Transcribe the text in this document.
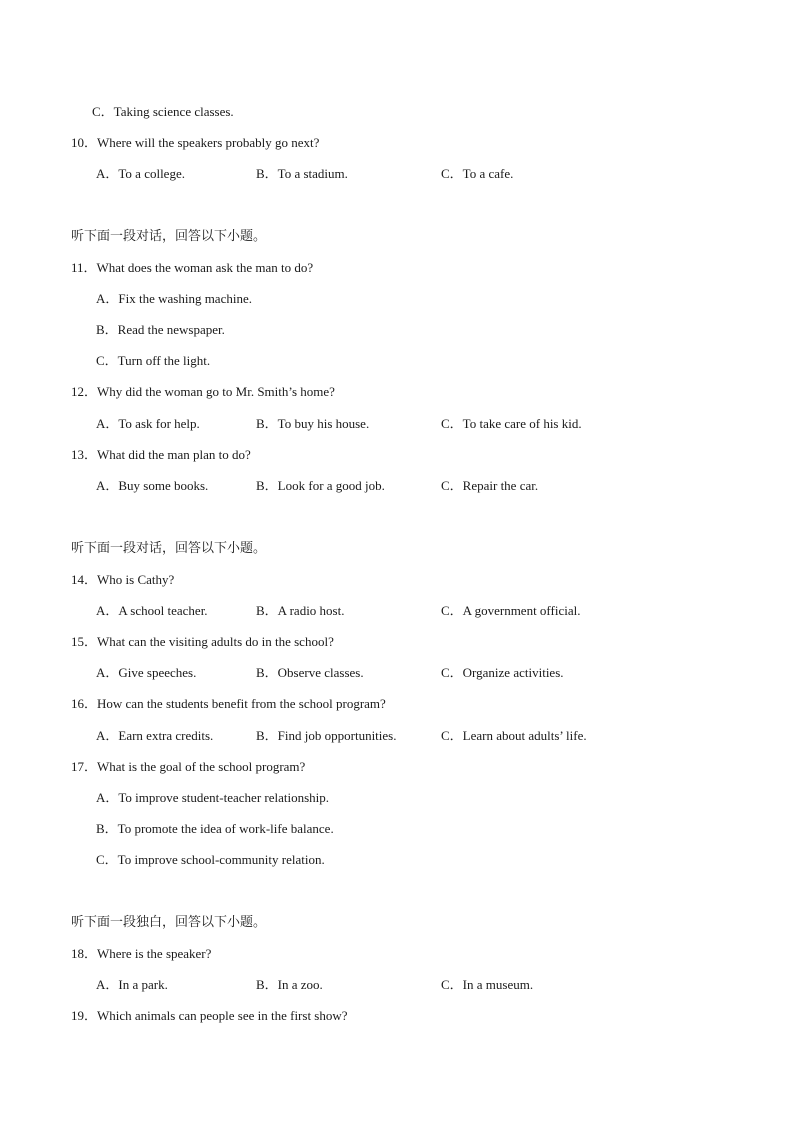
C．Taking science classes.
10．Where will the speakers probably go next?
A．To a college.	B．To a stadium.	C．To a cafe.
听下面一段对话，回答以下小题。
11．What does the woman ask the man to do?
A．Fix the washing machine.
B．Read the newspaper.
C．Turn off the light.
12．Why did the woman go to Mr. Smith’s home?
A．To ask for help.	B．To buy his house.	C．To take care of his kid.
13．What did the man plan to do?
A．Buy some books.	B．Look for a good job.	C．Repair the car.
听下面一段对话，回答以下小题。
14．Who is Cathy?
A．A school teacher.	B．A radio host.	C．A government official.
15．What can the visiting adults do in the school?
A．Give speeches.	B．Observe classes.	C．Organize activities.
16．How can the students benefit from the school program?
A．Earn extra credits.	B．Find job opportunities.	C．Learn about adults’ life.
17．What is the goal of the school program?
A．To improve student-teacher relationship.
B．To promote the idea of work-life balance.
C．To improve school-community relation.
听下面一段独白，回答以下小题。
18．Where is the speaker?
A．In a park.	B．In a zoo.	C．In a museum.
19．Which animals can people see in the first show?
